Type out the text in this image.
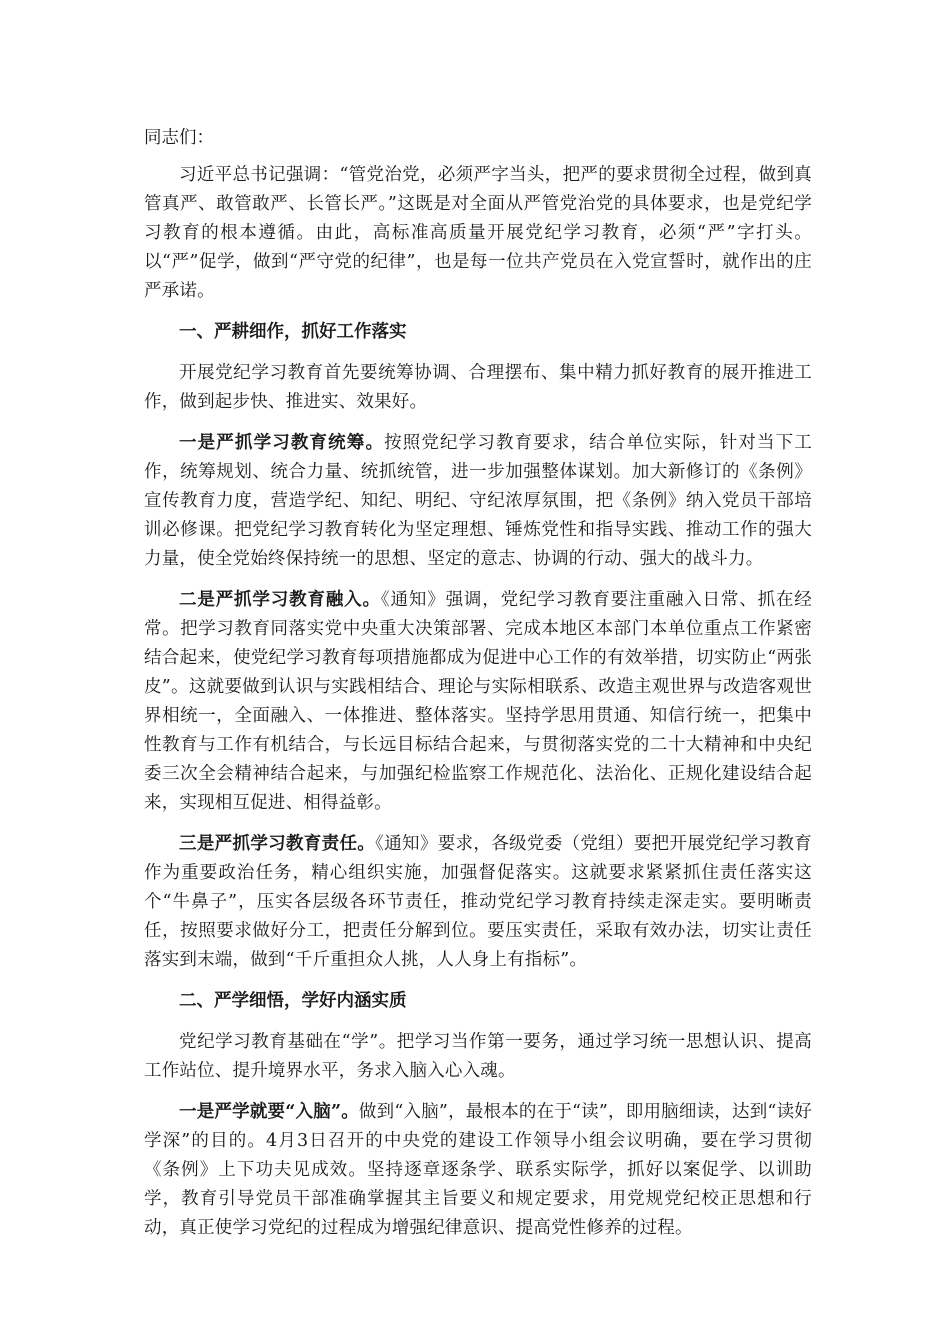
同志们：

习近平总书记强调：“管党治党，必须严字当头，把严的要求贯彻全过程，做到真管真严、敢管敢严、长管长严。”这既是对全面从严管党治党的具体要求，也是党纪学习教育的根本遵循。由此，高标准高质量开展党纪学习教育，必须“严”字打头。以“严”促学，做到“严守党的纪律”，也是每一位共产党员在入党宣誓时，就作出的庄严承诺。

一、严耕细作，抓好工作落实

开展党纪学习教育首先要统筹协调、合理摆布、集中精力抓好教育的展开推进工作，做到起步快、推进实、效果好。

一是严抓学习教育统筹。按照党纪学习教育要求，结合单位实际，针对当下工作，统筹规划、统合力量、统抓统管，进一步加强整体谋划。加大新修订的《条例》宣传教育力度，营造学纪、知纪、明纪、守纪浓厚氛围，把《条例》纳入党员干部培训必修课。把党纪学习教育转化为坚定理想、锤炼党性和指导实践、推动工作的强大力量，使全党始终保持统一的思想、坚定的意志、协调的行动、强大的战斗力。

二是严抓学习教育融入。《通知》强调，党纪学习教育要注重融入日常、抓在经常。把学习教育同落实党中央重大决策部署、完成本地区本部门本单位重点工作紧密结合起来，使党纪学习教育每项措施都成为促进中心工作的有效举措，切实防止“两张皮”。这就要做到认识与实践相结合、理论与实际相联系、改造主观世界与改造客观世界相统一，全面融入、一体推进、整体落实。坚持学思用贯通、知信行统一，把集中性教育与工作有机结合，与长远目标结合起来，与贯彻落实党的二十大精神和中央纪委三次全会精神结合起来，与加强纪检监察工作规范化、法治化、正规化建设结合起来，实现相互促进、相得益彰。

三是严抓学习教育责任。《通知》要求，各级党委（党组）要把开展党纪学习教育作为重要政治任务，精心组织实施，加强督促落实。这就要求紧紧抓住责任落实这个“牛鼻子”，压实各层级各环节责任，推动党纪学习教育持续走深走实。要明晰责任，按照要求做好分工，把责任分解到位。要压实责任，采取有效办法，切实让责任落实到末端，做到“千斤重担众人挑，人人身上有指标”。

二、严学细悟，学好内涵实质

党纪学习教育基础在“学”。把学习当作第一要务，通过学习统一思想认识、提高工作站位、提升境界水平，务求入脑入心入魂。

一是严学就要“入脑”。做到“入脑”，最根本的在于“读”，即用脑细读，达到“读好学深”的目的。4月3日召开的中央党的建设工作领导小组会议明确，要在学习贯彻《条例》上下功夫见成效。坚持逐章逐条学、联系实际学，抓好以案促学、以训助学，教育引导党员干部准确掌握其主旨要义和规定要求，用党规党纪校正思想和行动，真正使学习党纪的过程成为增强纪律意识、提高党性修养的过程。
